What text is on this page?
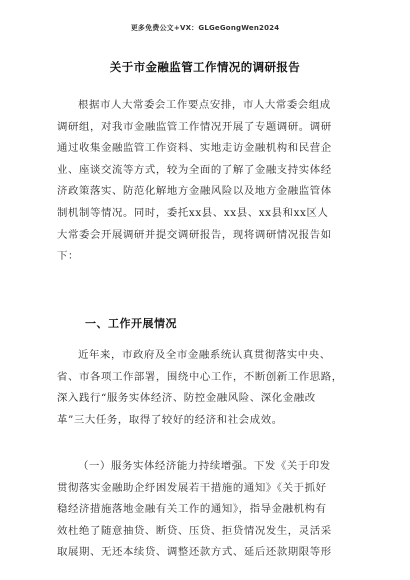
更多免费公文+VX：GLGeGongWen2024
关于市金融监管工作情况的调研报告
根据市人大常委会工作要点安排，市人大常委会组成
调研组，对我市金融监管工作情况开展了专题调研。调研
通过收集金融监管工作资料、实地走访金融机构和民营企
业、座谈交流等方式，较为全面的了解了金融支持实体经
济政策落实、防范化解地方金融风险以及地方金融监管体
制机制等情况。同时，委托xx县、xx县、xx县和xx区人
大常委会开展调研并提交调研报告，现将调研情况报告如
下：
一、工作开展情况
近年来，市政府及全市金融系统认真贯彻落实中央、
省、市各项工作部署，围绕中心工作，不断创新工作思路，
深入践行“服务实体经济、防控金融风险、深化金融改
革”三大任务，取得了较好的经济和社会成效。
（一）服务实体经济能力持续增强。下发《关于印发
贯彻落实金融助企纾困发展若干措施的通知》《关于抓好
稳经济措施落地金融有关工作的通知》，指导金融机构有
效杜绝了随意抽贷、断贷、压贷、拒贷情况发生，灵活采
取展期、无还本续贷、调整还款方式、延后还款期限等形
